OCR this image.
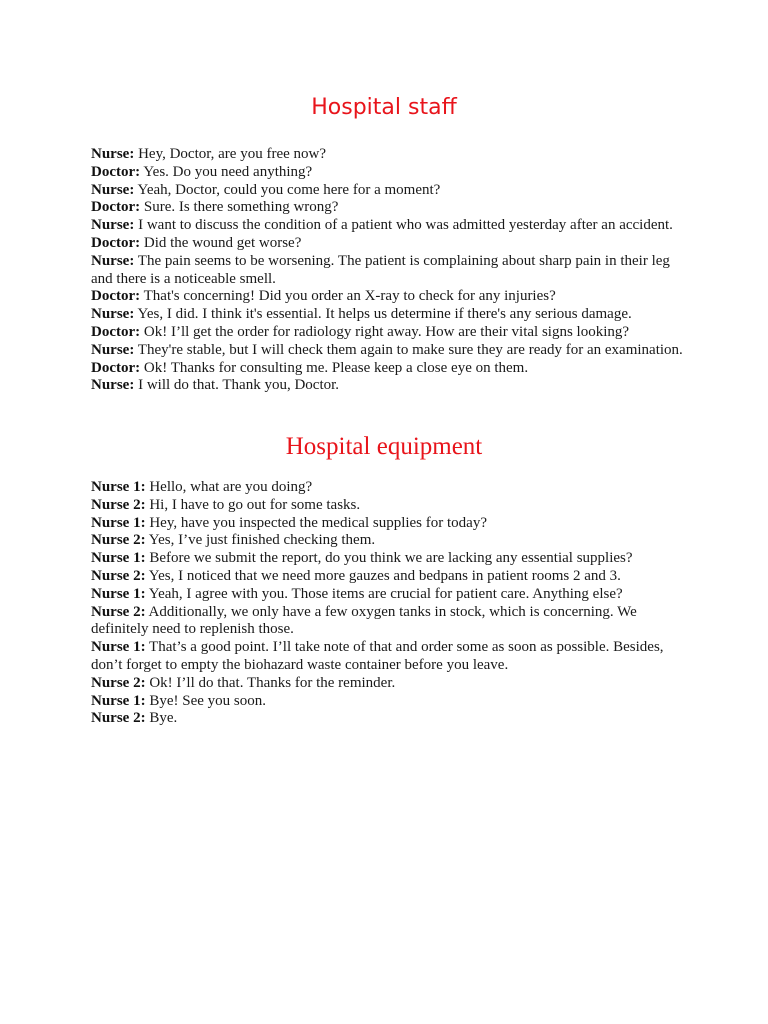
Hospital staff
Nurse: Hey, Doctor, are you free now?
Doctor: Yes. Do you need anything?
Nurse: Yeah, Doctor, could you come here for a moment?
Doctor: Sure. Is there something wrong?
Nurse: I want to discuss the condition of a patient who was admitted yesterday after an accident.
Doctor: Did the wound get worse?
Nurse: The pain seems to be worsening. The patient is complaining about sharp pain in their leg and there is a noticeable smell.
Doctor: That's concerning! Did you order an X-ray to check for any injuries?
Nurse: Yes, I did. I think it's essential. It helps us determine if there's any serious damage.
Doctor: Ok! I’ll get the order for radiology right away. How are their vital signs looking?
Nurse: They're stable, but I will check them again to make sure they are ready for an examination.
Doctor: Ok! Thanks for consulting me. Please keep a close eye on them.
Nurse: I will do that. Thank you, Doctor.
Hospital equipment
Nurse 1: Hello, what are you doing?
Nurse 2: Hi, I have to go out for some tasks.
Nurse 1: Hey, have you inspected the medical supplies for today?
Nurse 2: Yes, I’ve just finished checking them.
Nurse 1: Before we submit the report, do you think we are lacking any essential supplies?
Nurse 2: Yes, I noticed that we need more gauzes and bedpans in patient rooms 2 and 3.
Nurse 1: Yeah, I agree with you. Those items are crucial for patient care. Anything else?
Nurse 2: Additionally, we only have a few oxygen tanks in stock, which is concerning. We definitely need to replenish those.
Nurse 1: That’s a good point. I’ll take note of that and order some as soon as possible. Besides, don’t forget to empty the biohazard waste container before you leave.
Nurse 2: Ok! I’ll do that. Thanks for the reminder.
Nurse 1: Bye! See you soon.
Nurse 2: Bye.
